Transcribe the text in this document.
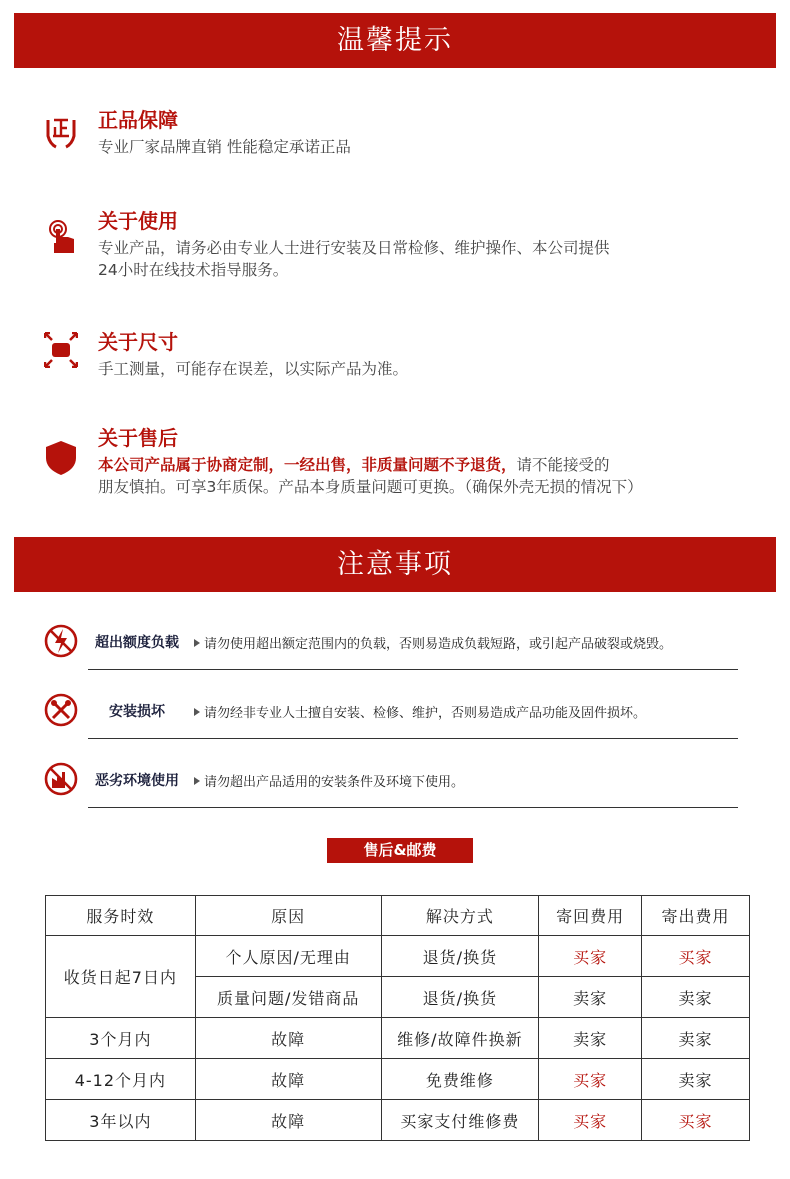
温馨提示
正品保障
专业厂家品牌直销 性能稳定承诺正品
关于使用
专业产品，请务必由专业人士进行安装及日常检修、维护操作、本公司提供
24小时在线技术指导服务。
关于尺寸
手工测量，可能存在误差，以实际产品为准。
关于售后
本公司产品属于协商定制，一经出售，非质量问题不予退货，请不能接受的
朋友慎拍。可享3年质保。产品本身质量问题可更换。（确保外壳无损的情况下）
注意事项
超出额度负载	请勿使用超出额定范围内的负载，否则易造成负载短路，或引起产品破裂或烧毁。
安装损坏	请勿经非专业人士擅自安装、检修、维护，否则易造成产品功能及固件损坏。
恶劣环境使用	请勿超出产品适用的安装条件及环境下使用。
售后&邮费
服务时效	原因	解决方式	寄回费用	寄出费用
收货日起7日内	个人原因/无理由	退货/换货	买家	买家
	质量问题/发错商品	退货/换货	卖家	卖家
3个月内	故障	维修/故障件换新	卖家	卖家
4-12个月内	故障	免费维修	买家	卖家
3年以内	故障	买家支付维修费	买家	买家
